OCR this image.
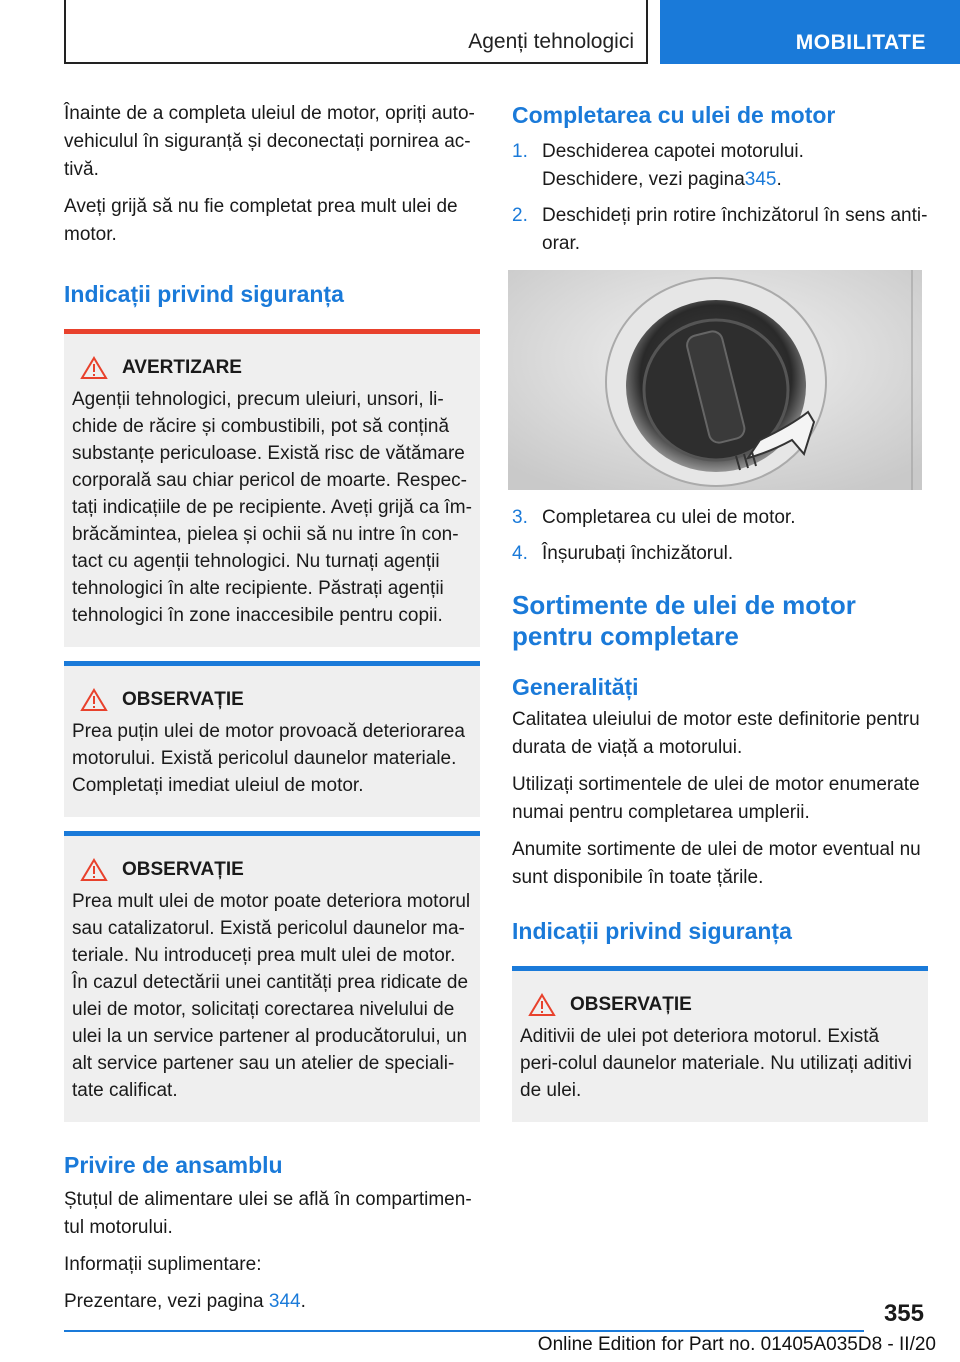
Agenți tehnologici	MOBILITATE

Înainte de a completa uleiul de motor, opriți auto‐vehiculul în siguranță și deconectați pornirea ac‐tivă.

Aveți grijă să nu fie completat prea mult ulei de motor.

Indicații privind siguranța
AVERTIZARE

Agenții tehnologici, precum uleiuri, unsori, li‐chide de răcire și combustibili, pot să conțină substanțe periculoase. Există risc de vătămare corporală sau chiar pericol de moarte. Respec‐tați indicațiile de pe recipiente. Aveți grijă ca îm‐brăcămintea, pielea și ochii să nu intre în con‐tact cu agenții tehnologici. Nu turnați agenții tehnologici în alte recipiente. Păstrați agenții tehnologici în zone inaccesibile pentru copii.

OBSERVAȚIE

Prea puțin ulei de motor provoacă deteriorarea motorului. Există pericolul daunelor materiale. Completați imediat uleiul de motor.

OBSERVAȚIE

Prea mult ulei de motor poate deteriora motorul sau catalizatorul. Există pericolul daunelor ma‐teriale. Nu introduceți prea mult ulei de motor. În cazul detectării unei cantități prea ridicate de ulei de motor, solicitați corectarea nivelului de ulei la un service partener al producătorului, un alt service partener sau un atelier de speciali‐tate calificat.

Privire de ansamblu

Ștuțul de alimentare ulei se află în compartimen‐tul motorului.

Informații suplimentare:

Prezentare, vezi pagina 344.

Completarea cu ulei de motor
1. Deschiderea capotei motorului.
Deschidere, vezi pagina 345 .
2. Deschideți prin rotire închizătorul în sens anti‐orar.
3. Completarea cu ulei de motor.
4. Înșurubați închizătorul.
Sortimente de ulei de motor pentru completare
Generalități

Calitatea uleiului de motor este definitorie pentru durata de viață a motorului.

Utilizați sortimentele de ulei de motor enumerate numai pentru completarea umplerii.

Anumite sortimente de ulei de motor eventual nu sunt disponibile în toate țările.

Indicații privind siguranța
OBSERVAȚIE

Aditivii de ulei pot deteriora motorul. Există peri‐colul daunelor materiale. Nu utilizați aditivi de ulei.

355
Online Edition for Part no. 01405A035D8 - II/20
